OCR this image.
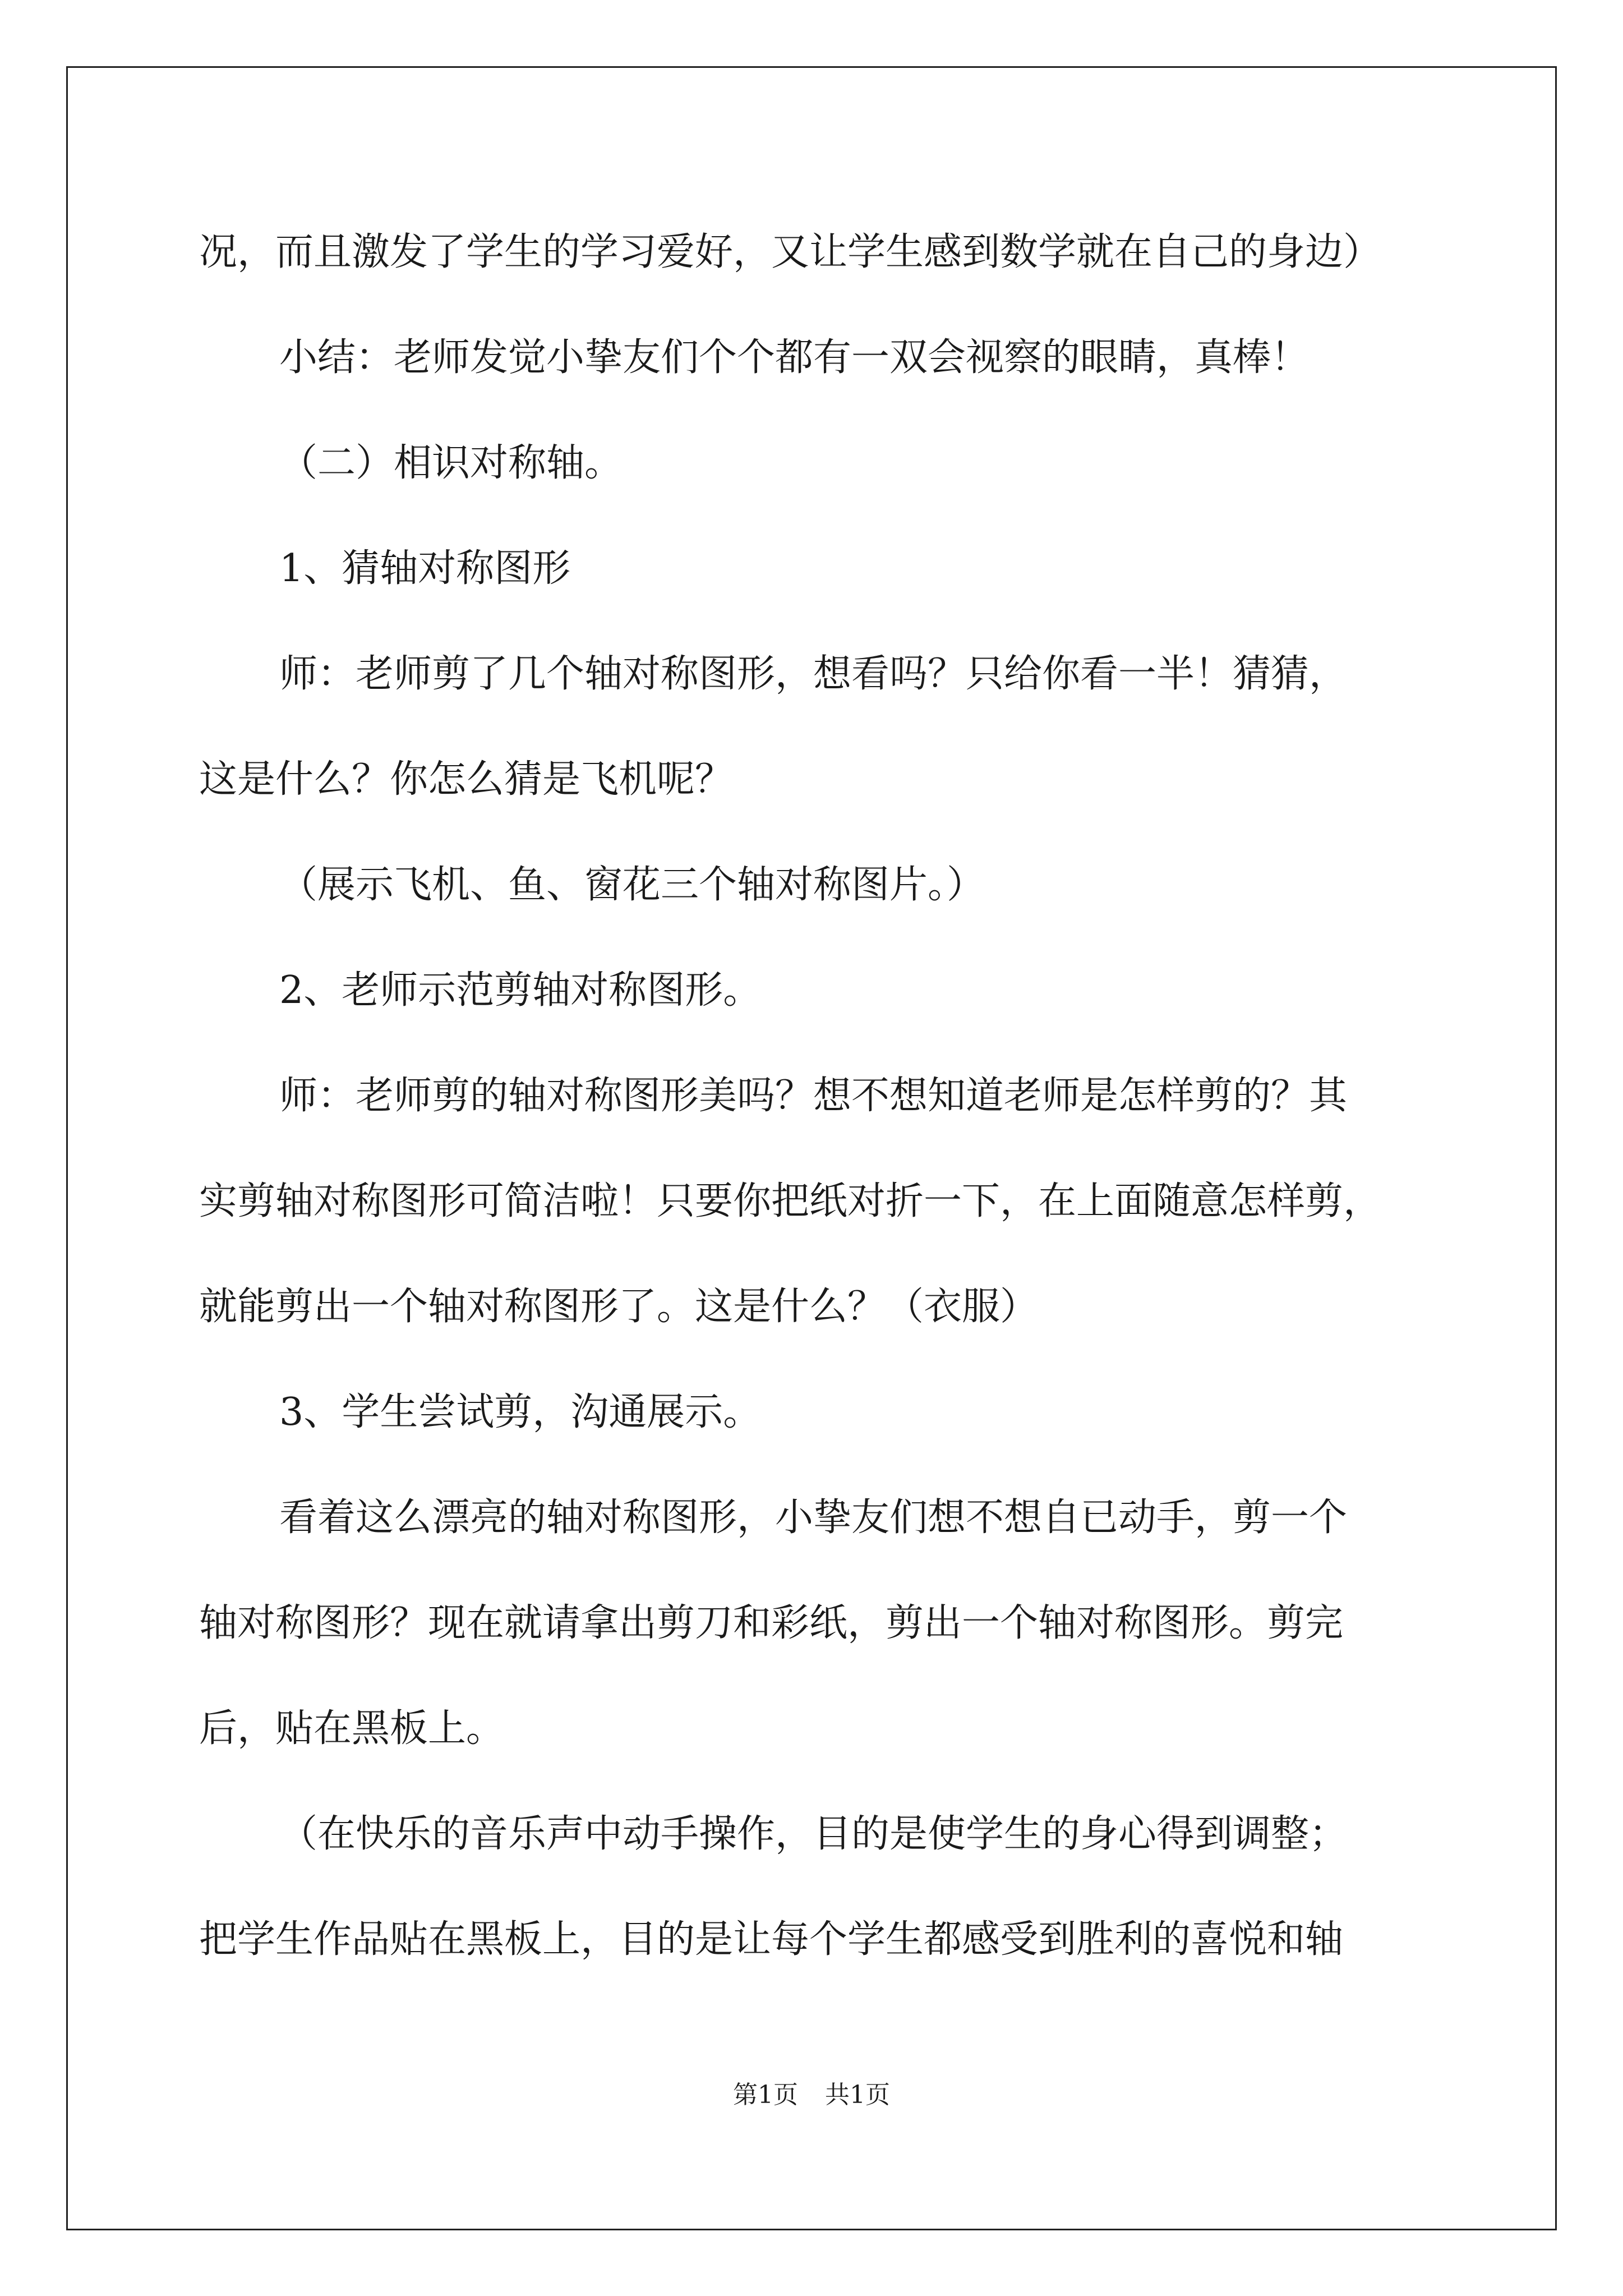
况，而且激发了学生的学习爱好，又让学生感到数学就在自己的身边）
小结：老师发觉小挚友们个个都有一双会视察的眼睛，真棒！
（二）相识对称轴。
1、猜轴对称图形
师：老师剪了几个轴对称图形，想看吗？只给你看一半！猜猜，
这是什么？你怎么猜是飞机呢？
（展示飞机、鱼、窗花三个轴对称图片。）
2、老师示范剪轴对称图形。
师：老师剪的轴对称图形美吗？想不想知道老师是怎样剪的？其
实剪轴对称图形可简洁啦！只要你把纸对折一下，在上面随意怎样剪，
就能剪出一个轴对称图形了。这是什么？（衣服）
3、学生尝试剪，沟通展示。
看着这么漂亮的轴对称图形，小挚友们想不想自已动手，剪一个
轴对称图形？现在就请拿出剪刀和彩纸，剪出一个轴对称图形。剪完
后，贴在黑板上。
（在快乐的音乐声中动手操作，目的是使学生的身心得到调整；
把学生作品贴在黑板上，目的是让每个学生都感受到胜利的喜悦和轴
第1页 共1页
